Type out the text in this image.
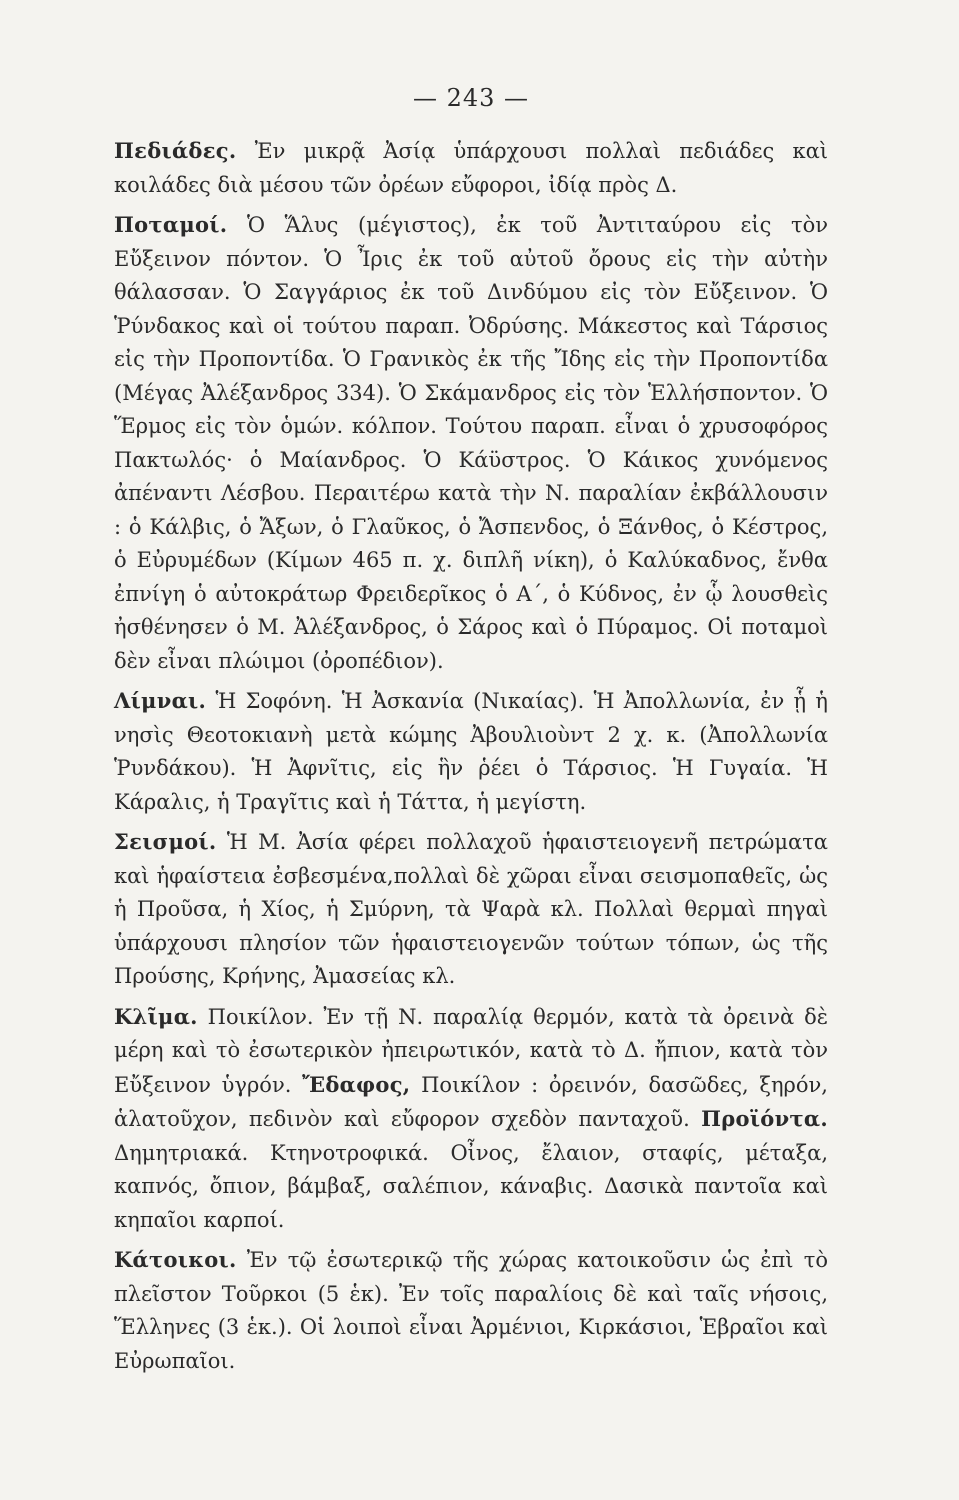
— 243 —

Πεδιάδες. Ἐν μικρᾷ Ἀσίᾳ ὑπάρχουσι πολλαὶ πεδιάδες καὶ κοιλάδες διὰ μέσου τῶν ὀρέων εὔφοροι, ἰδίᾳ πρὸς Δ.

Ποταμοί. Ὁ Ἅλυς (μέγιστος), ἐκ τοῦ Ἀντιταύρου εἰς τὸν Εὔξεινον πόντον. Ὁ Ἶρις ἐκ τοῦ αὐτοῦ ὄρους εἰς τὴν αὐτὴν θάλασσαν. Ὁ Σαγγάριος ἐκ τοῦ Δινδύμου εἰς τὸν Εὔξεινον. Ὁ Ῥύνδακος καὶ οἱ τούτου παραπ. Ὀδρύσης. Μάκεστος καὶ Τάρσιος εἰς τὴν Προποντίδα. Ὁ Γρανικὸς ἐκ τῆς Ἴδης εἰς τὴν Προποντίδα (Μέγας Ἀλέξανδρος 334). Ὁ Σκάμανδρος εἰς τὸν Ἑλλήσποντον. Ὁ Ἕρμος εἰς τὸν ὁμών. κόλπον. Τούτου παραπ. εἶναι ὁ χρυσοφόρος Πακτωλός· ὁ Μαίανδρος. Ὁ Κάϋστρος. Ὁ Κάικος χυνόμενος ἀπέναντι Λέσβου. Περαιτέρω κατὰ τὴν Ν. παραλίαν ἐκβάλλουσιν : ὁ Κάλβις, ὁ Ἄξων, ὁ Γλαῦκος, ὁ Ἄσπενδος, ὁ Ξάνθος, ὁ Κέστρος, ὁ Εὐρυμέδων (Κίμων 465 π. χ. διπλῆ νίκη), ὁ Καλύκαδνος, ἔνθα ἐπνίγη ὁ αὐτοκράτωρ Φρειδερῖκος ὁ Α΄, ὁ Κύδνος, ἐν ᾧ λουσθεὶς ἠσθένησεν ὁ Μ. Ἀλέξανδρος, ὁ Σάρος καὶ ὁ Πύραμος. Οἱ ποταμοὶ δὲν εἶναι πλώιμοι (ὀροπέδιον).

Λίμναι. Ἡ Σοφόνη. Ἡ Ἀσκανία (Νικαίας). Ἡ Ἀπολλωνία, ἐν ᾗ ἡ νησὶς Θεοτοκιανὴ μετὰ κώμης Ἀβουλιοὺντ 2 χ. κ. (Ἀπολλωνία Ῥυνδάκου). Ἡ Ἀφνῖτις, εἰς ἣν ῥέει ὁ Τάρσιος. Ἡ Γυγαία. Ἡ Κάραλις, ἡ Τραγῖτις καὶ ἡ Τάττα, ἡ μεγίστη.

Σεισμοί. Ἡ Μ. Ἀσία φέρει πολλαχοῦ ἡφαιστειογενῆ πετρώματα καὶ ἡφαίστεια ἐσβεσμένα,πολλαὶ δὲ χῶραι εἶναι σεισμοπαθεῖς, ὡς ἡ Προῦσα, ἡ Χίος, ἡ Σμύρνη, τὰ Ψαρὰ κλ. Πολλαὶ θερμαὶ πηγαὶ ὑπάρχουσι πλησίον τῶν ἡφαιστειογενῶν τούτων τόπων, ὡς τῆς Προύσης, Κρήνης, Ἀμασείας κλ.

Κλῖμα. Ποικίλον. Ἐν τῇ Ν. παραλίᾳ θερμόν, κατὰ τὰ ὀρεινὰ δὲ μέρη καὶ τὸ ἐσωτερικὸν ἠπειρωτικόν, κατὰ τὸ Δ. ἤπιον, κατὰ τὸν Εὔξεινον ὑγρόν. Ἔδαφος, Ποικίλον : ὀρεινόν, δασῶδες, ξηρόν, ἁλατοῦχον, πεδινὸν καὶ εὔφορον σχεδὸν πανταχοῦ. Προϊόντα. Δημητριακά. Κτηνοτροφικά. Οἶνος, ἔλαιον, σταφίς, μέταξα, καπνός, ὄπιον, βάμβαξ, σαλέπιον, κάναβις. Δασικὰ παντοῖα καὶ κηπαῖοι καρποί.

Κάτοικοι. Ἐν τῷ ἐσωτερικῷ τῆς χώρας κατοικοῦσιν ὡς ἐπὶ τὸ πλεῖστον Τοῦρκοι (5 ἑκ). Ἐν τοῖς παραλίοις δὲ καὶ ταῖς νήσοις, Ἕλληνες (3 ἑκ.). Οἱ λοιποὶ εἶναι Ἀρμένιοι, Κιρκάσιοι, Ἑβραῖοι καὶ Εὐρωπαῖοι.
